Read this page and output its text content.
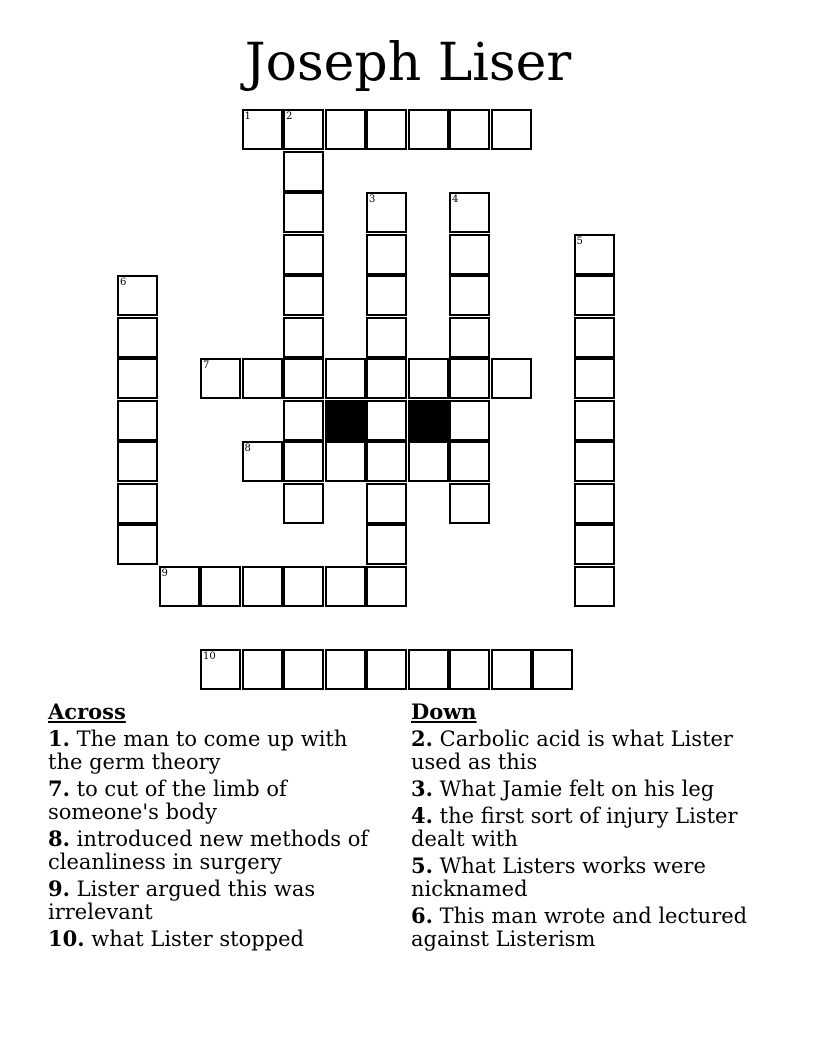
Joseph Liser
1	2
3	4
5
6
7
8
9
10
Across
1. The man to come up with the germ theory
7. to cut of the limb of someone's body
8. introduced new methods of cleanliness in surgery
9. Lister argued this was irrelevant
10. what Lister stopped
Down
2. Carbolic acid is what Lister used as this
3. What Jamie felt on his leg
4. the first sort of injury Lister dealt with
5. What Listers works were nicknamed
6. This man wrote and lectured against Listerism
